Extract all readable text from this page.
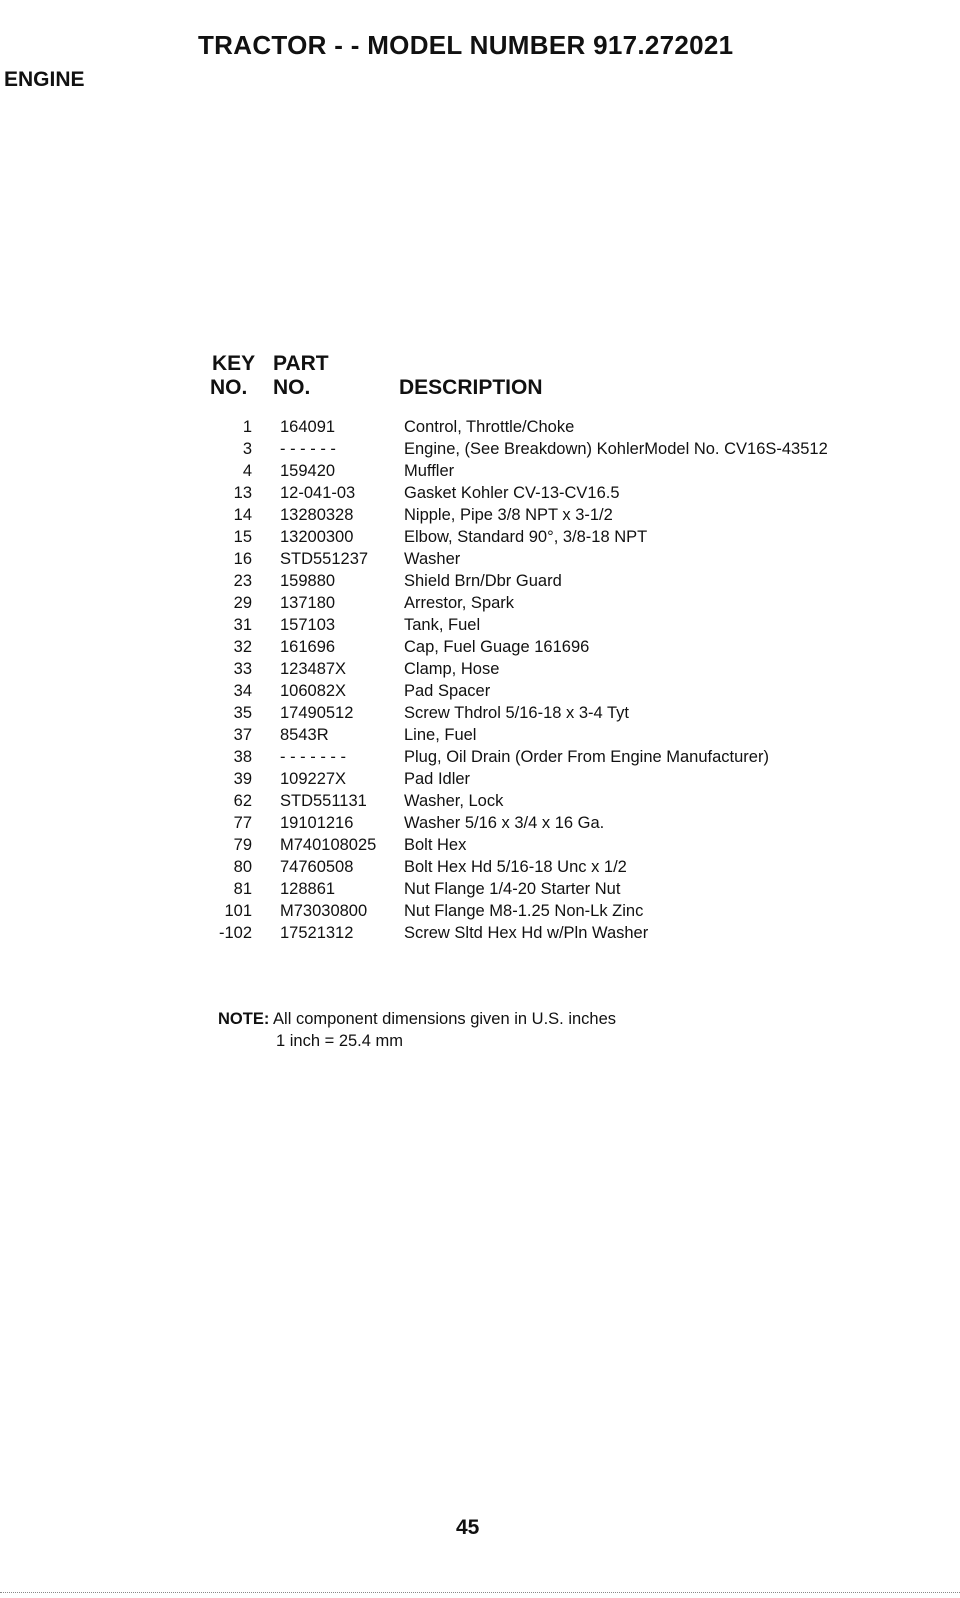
TRACTOR - - MODEL NUMBER 917.272021
ENGINE
KEY
NO.
PART
NO.	DESCRIPTION
1 164091	Control, Throttle/Choke
3 - - - - - -	Engine, (See Breakdown) KohlerModel No. CV16S-43512
4 159420	Muffler
13 12-041-03	Gasket Kohler CV-13-CV16.5
14 13280328	Nipple, Pipe 3/8 NPT x 3-1/2
15 13200300	Elbow, Standard 90°, 3/8-18 NPT
16 STD551237 Washer
23 159880	Shield Brn/Dbr Guard
29 137180	Arrestor, Spark
31 157103	Tank, Fuel
32 161696	Cap, Fuel Guage 161696
33 123487X	Clamp, Hose
34 106082X	Pad Spacer
35 17490512	Screw Thdrol 5/16-18 x 3-4 Tyt
37 8543R	Line, Fuel
38 - - - - - - -	Plug, Oil Drain (Order From Engine Manufacturer)
39 109227X	Pad Idler
62 STD551131 Washer, Lock
77 19101216	Washer 5/16 x 3/4 x 16 Ga.
79 M740108025 Bolt Hex
80 74760508	Bolt Hex Hd 5/16-18 Unc x 1/2
81 128861	Nut Flange 1/4-20 Starter Nut
101 M73030800 Nut Flange M8-1.25 Non-Lk Zinc
-102 17521312	Screw Sltd Hex Hd w/Pln Washer
NOTE: All component dimensions given in U.S. inches
1 inch = 25.4 mm
45
